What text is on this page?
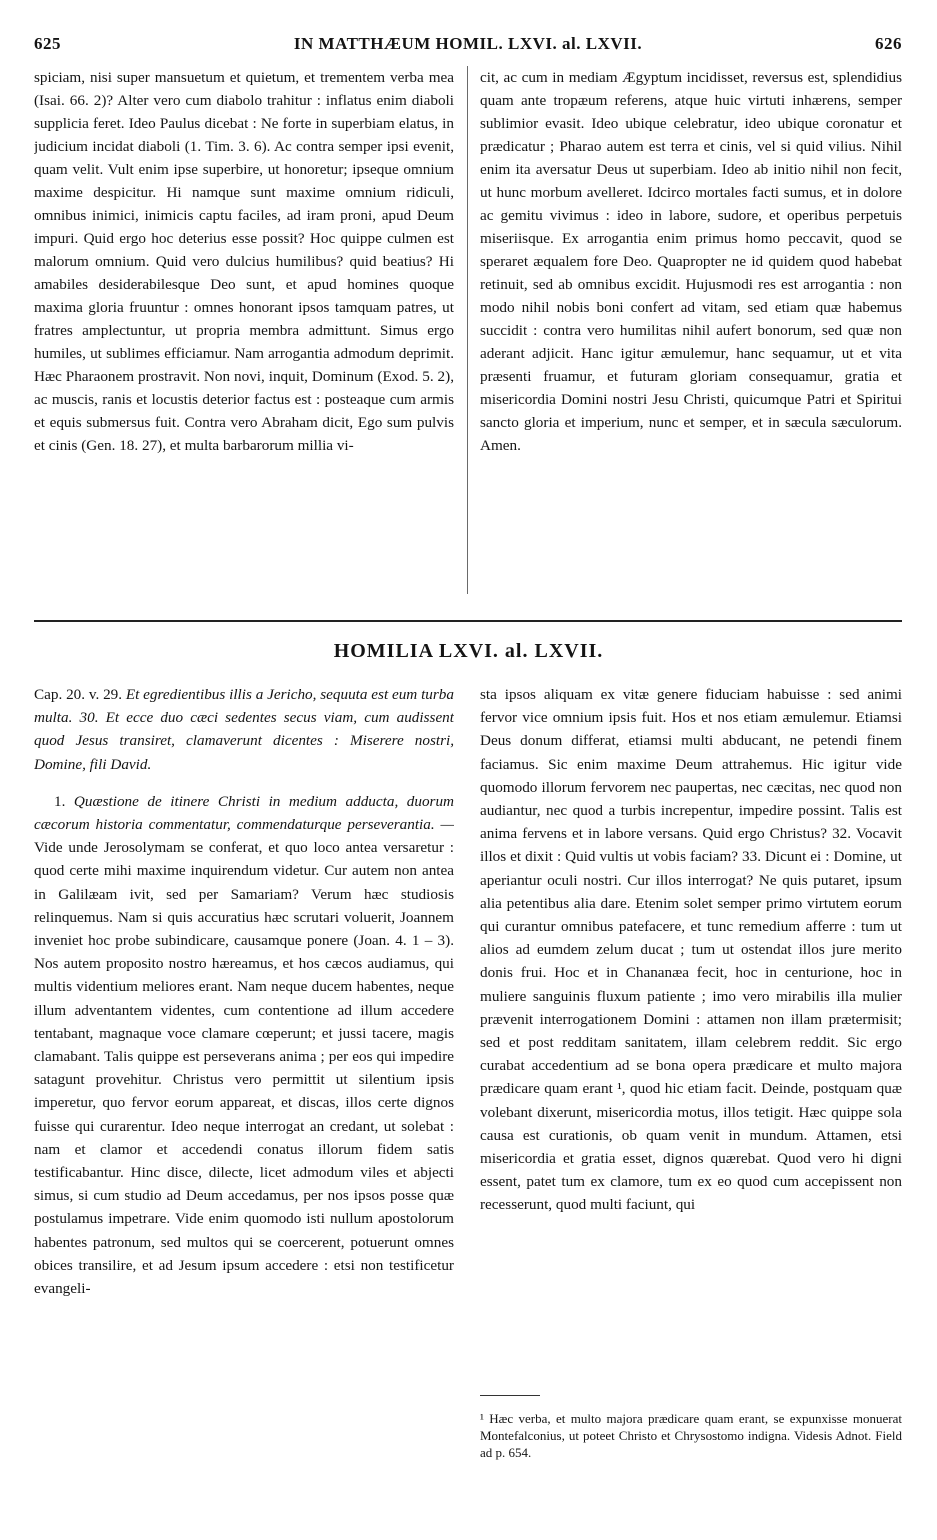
625	IN MATTHÆUM HOMIL. LXVI. al. LXVII.	626

spiciam, nisi super mansuetum et quietum, et trementem verba mea (Isai. 66. 2)? Alter vero cum diabolo trahitur : inflatus enim diaboli supplicia feret. Ideo Paulus dicebat : Ne forte in superbiam elatus, in judicium incidat diaboli (1. Tim. 3. 6). Ac contra semper ipsi evenit, quam velit. Vult enim ipse superbire, ut honoretur; ipseque omnium maxime despicitur. Hi namque sunt maxime omnium ridiculi, omnibus inimici, inimicis captu faciles, ad iram proni, apud Deum impuri. Quid ergo hoc deterius esse possit? Hoc quippe culmen est malorum omnium. Quid vero dulcius humilibus? quid beatius? Hi amabiles desiderabilesque Deo sunt, et apud homines quoque maxima gloria fruuntur : omnes honorant ipsos tamquam patres, ut fratres amplectuntur, ut propria membra admittunt. Simus ergo humiles, ut sublimes efficiamur. Nam arrogantia admodum deprimit. Hæc Pharaonem prostravit. Non novi, inquit, Dominum (Exod. 5. 2), ac muscis, ranis et locustis deterior factus est : posteaque cum armis et equis submersus fuit. Contra vero Abraham dicit, Ego sum pulvis et cinis (Gen. 18. 27), et multa barbarorum millia vi-

cit, ac cum in mediam Ægyptum incidisset, reversus est, splendidius quam ante tropæum referens, atque huic virtuti inhærens, semper sublimior evasit. Ideo ubique celebratur, ideo ubique coronatur et prædicatur ; Pharao autem est terra et cinis, vel si quid vilius. Nihil enim ita aversatur Deus ut superbiam. Ideo ab initio nihil non fecit, ut hunc morbum avelleret. Idcirco mortales facti sumus, et in dolore ac gemitu vivimus : ideo in labore, sudore, et operibus perpetuis miseriisque. Ex arrogantia enim primus homo peccavit, quod se speraret æqualem fore Deo. Quapropter ne id quidem quod habebat retinuit, sed ab omnibus excidit. Hujusmodi res est arrogantia : non modo nihil nobis boni confert ad vitam, sed etiam quæ habemus succidit : contra vero humilitas nihil aufert bonorum, sed quæ non aderant adjicit. Hanc igitur æmulemur, hanc sequamur, ut et vita præsenti fruamur, et futuram gloriam consequamur, gratia et misericordia Domini nostri Jesu Christi, quicumque Patri et Spiritui sancto gloria et imperium, nunc et semper, et in sæcula sæculorum. Amen.

HOMILIA LXVI. al. LXVII.
Cap. 20. v. 29. Et egredientibus illis a Jericho, sequuta est eum turba multa. 30. Et ecce duo cæci sedentes secus viam, cum audissent quod Jesus transiret, clamaverunt dicentes : Miserere nostri, Domine, fili David.

1. Quæstione de itinere Christi in medium adducta, duorum cæcorum historia commentatur, commendaturque perseverantia. — Vide unde Jerosolymam se conferat, et quo loco antea versaretur : quod certe mihi maxime inquirendum videtur. Cur autem non antea in Galilæam ivit, sed per Samariam? Verum hæc studiosis relinquemus. Nam si quis accuratius hæc scrutari voluerit, Joannem inveniet hoc probe subindicare, causamque ponere (Joan. 4. 1 – 3). Nos autem proposito nostro hæreamus, et hos cæcos audiamus, qui multis videntium meliores erant. Nam neque ducem habentes, neque illum adventantem videntes, cum contentione ad illum accedere tentabant, magnaque voce clamare cœperunt; et jussi tacere, magis clamabant. Talis quippe est perseverans anima ; per eos qui impedire satagunt provehitur. Christus vero permittit ut silentium ipsis imperetur, quo fervor eorum appareat, et discas, illos certe dignos fuisse qui curarentur. Ideo neque interrogat an credant, ut solebat : nam et clamor et accedendi conatus illorum fidem satis testificabantur. Hinc disce, dilecte, licet admodum viles et abjecti simus, si cum studio ad Deum accedamus, per nos ipsos posse quæ postulamus impetrare. Vide enim quomodo isti nullum apostolorum habentes patronum, sed multos qui se coercerent, potuerunt omnes obices transilire, et ad Jesum ipsum accedere : etsi non testificetur evangeli-

sta ipsos aliquam ex vitæ genere fiduciam habuisse : sed animi fervor vice omnium ipsis fuit. Hos et nos etiam æmulemur. Etiamsi Deus donum differat, etiamsi multi abducant, ne petendi finem faciamus. Sic enim maxime Deum attrahemus. Hic igitur vide quomodo illorum fervorem nec paupertas, nec cæcitas, nec quod non audiantur, nec quod a turbis increpentur, impedire possint. Talis est anima fervens et in labore versans. Quid ergo Christus? 32. Vocavit illos et dixit : Quid vultis ut vobis faciam? 33. Dicunt ei : Domine, ut aperiantur oculi nostri. Cur illos interrogat? Ne quis putaret, ipsum alia petentibus alia dare. Etenim solet semper primo virtutem eorum qui curantur omnibus patefacere, et tunc remedium afferre : tum ut alios ad eumdem zelum ducat ; tum ut ostendat illos jure merito donis frui. Hoc et in Chananæa fecit, hoc in centurione, hoc in muliere sanguinis fluxum patiente ; imo vero mirabilis illa mulier prævenit interrogationem Domini : attamen non illam prætermisit; sed et post redditam sanitatem, illam celebrem reddit. Sic ergo curabat accedentium ad se bona opera prædicare et multo majora prædicare quam erant ¹, quod hic etiam facit. Deinde, postquam quæ volebant dixerunt, misericordia motus, illos tetigit. Hæc quippe sola causa est curationis, ob quam venit in mundum. Attamen, etsi misericordia et gratia esset, dignos quærebat. Quod vero hi digni essent, patet tum ex clamore, tum ex eo quod cum accepissent non recesserunt, quod multi faciunt, qui

¹ Hæc verba, et multo majora prædicare quam erant, se expunxisse monuerat Montefalconius, ut poteet Christo et Chrysostomo indigna. Videsis Adnot. Field ad p. 654.
